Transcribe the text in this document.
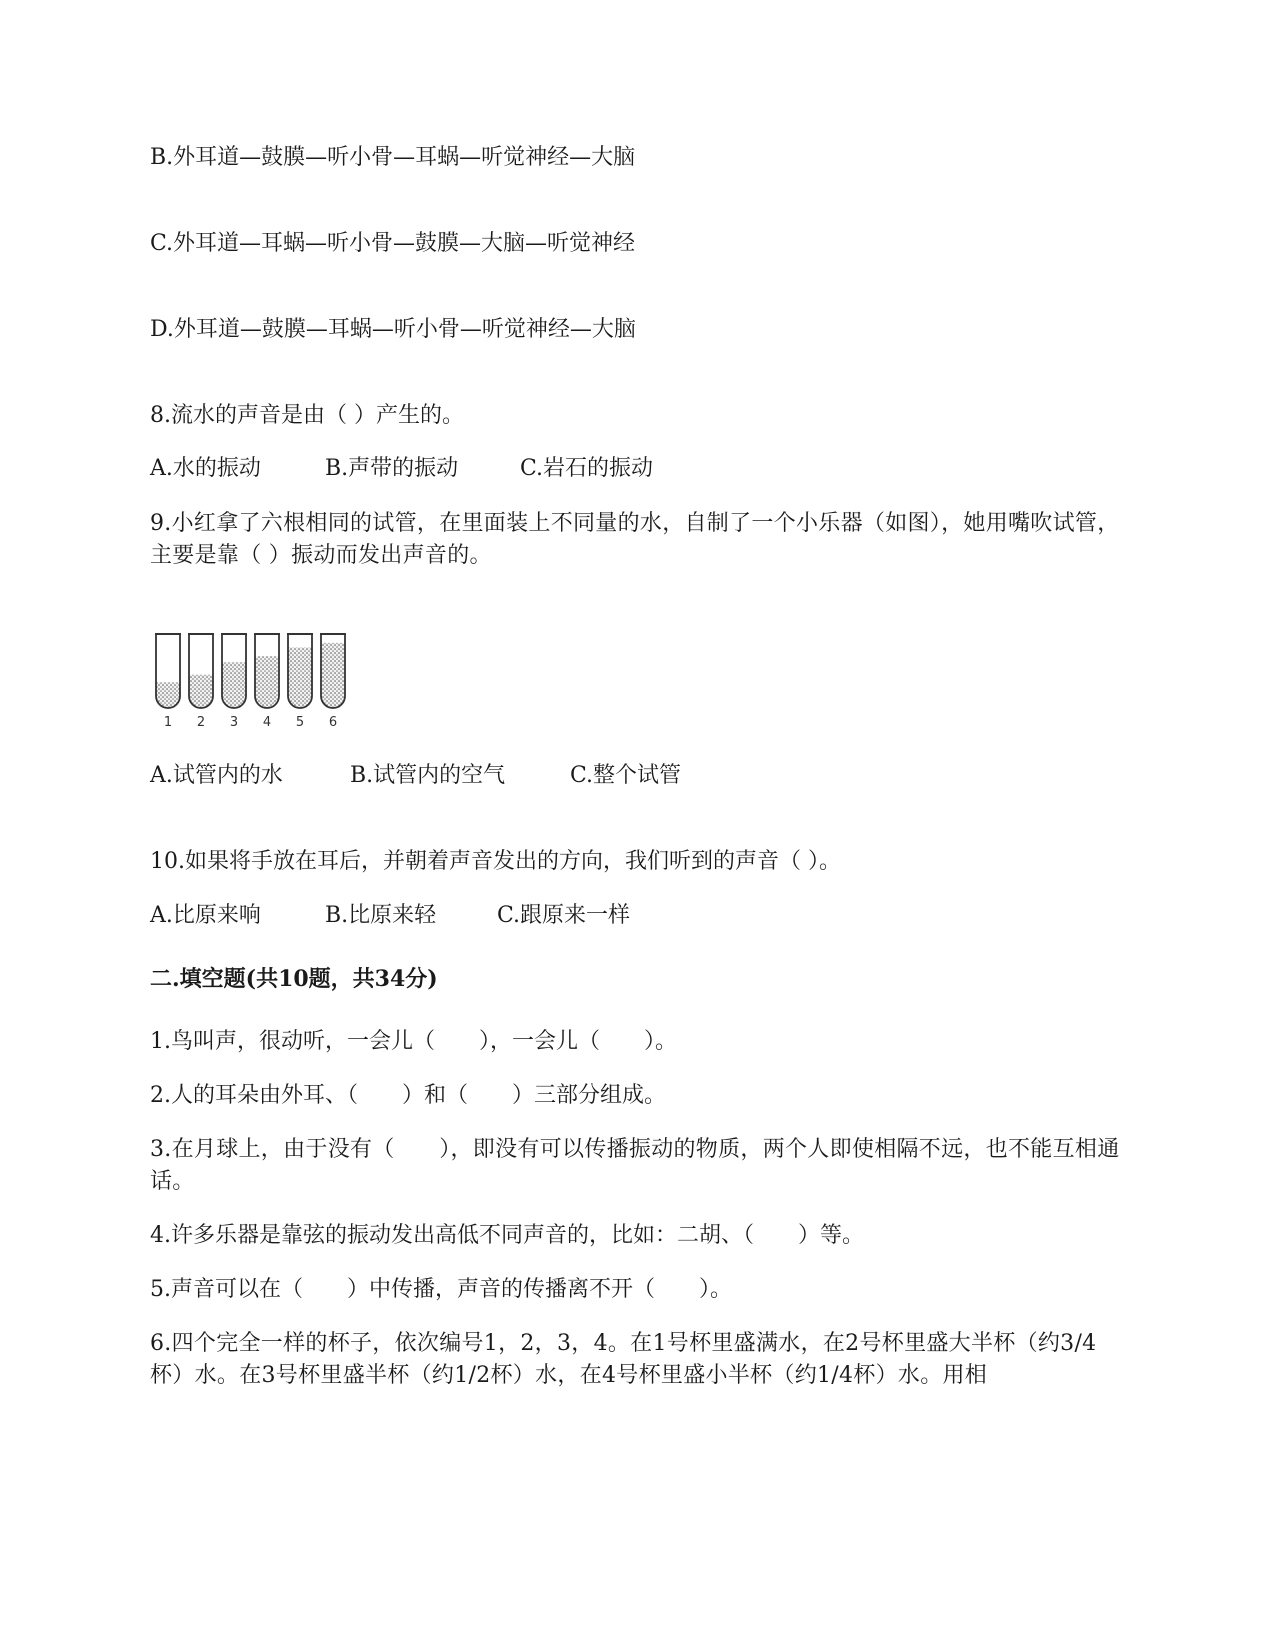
B.外耳道—鼓膜—听小骨—耳蜗—听觉神经—大脑
C.外耳道—耳蜗—听小骨—鼓膜—大脑—听觉神经
D.外耳道—鼓膜—耳蜗—听小骨—听觉神经—大脑
8.流水的声音是由（ ）产生的。
A.水的振动	B.声带的振动	C.岩石的振动
9.小红拿了六根相同的试管，在里面装上不同量的水，自制了一个小乐器（如图），她用嘴吹试管，主要是靠（ ）振动而发出声音的。
1 2 3 4 5 6
A.试管内的水	B.试管内的空气	C.整个试管
10.如果将手放在耳后，并朝着声音发出的方向，我们听到的声音（ ）。
A.比原来响	B.比原来轻	C.跟原来一样
二.填空题(共10题，共34分)
1.鸟叫声，很动听，一会儿（　　），一会儿（　　）。
2.人的耳朵由外耳、（　　）和（　　）三部分组成。
3.在月球上，由于没有（　　），即没有可以传播振动的物质，两个人即使相隔不远，也不能互相通话。
4.许多乐器是靠弦的振动发出高低不同声音的，比如：二胡、（　　）等。
5.声音可以在（　　）中传播，声音的传播离不开（　　）。
6.四个完全一样的杯子，依次编号1，2，3，4。在1号杯里盛满水，在2号杯里盛大半杯（约3/4杯）水。在3号杯里盛半杯（约1/2杯）水，在4号杯里盛小半杯（约1/4杯）水。用相
